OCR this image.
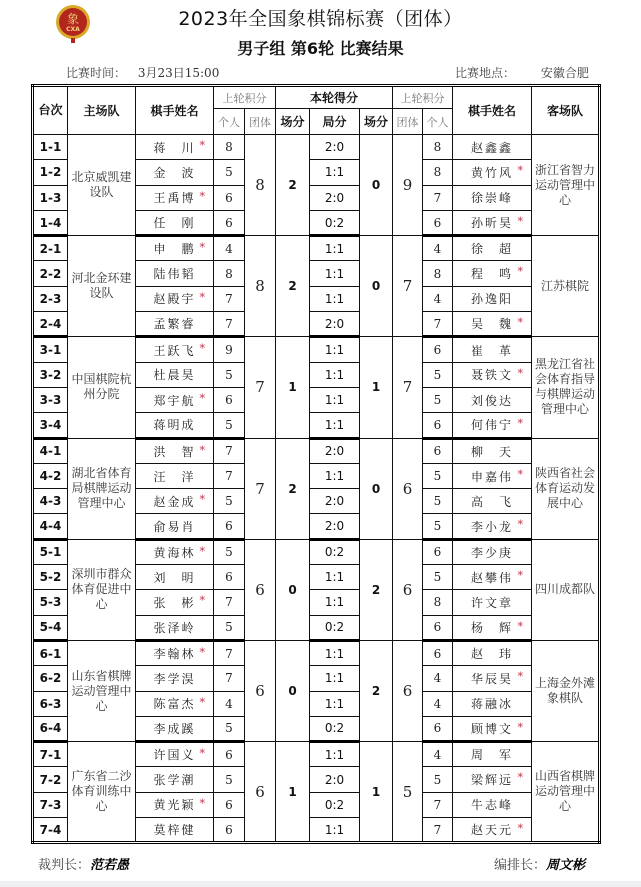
象
CXA	2023年全国象棋锦标赛（团体）
男子组 第6轮 比赛结果
比赛时间： 3月23日15:00	比赛地点： 安徽合肥
台次	主场队	棋手姓名	上轮积分		本轮得分			上轮积分		棋手姓名	客场队
			个人	团体	场分	局分	场分	团体	个人		
1-1	北京威凯建设队	蒋　川 *	8	8	2	2:0	0	9	8	赵鑫鑫	浙江省智力运动管理中心
1-2		金　波	5			1:1			8	黄竹风 *	

1-3		王禹博 *	6			2:0			7	徐崇峰	
1-4		任　刚	6			0:2			6	孙昕昊 *	

2-1	河北金环建设队	申　鹏 *	4	8	2	1:1	0	7	4	徐　超	江苏棋院
2-2		陆伟韬	8			1:1			8	程　鸣 *	

2-3		赵殿宇 *	7			1:1			4	孙逸阳	
2-4		孟繁睿	7			2:0			7	吴　魏 *	

3-1	中国棋院杭州分院	王跃飞 *	9	7	1	1:1	1	7	6	崔　革	黑龙江省社会体育指导与棋牌运动管理中心
3-2		杜晨昊	5			1:1			5	聂铁文 *	

3-3		郑宇航 *	6			1:1			5	刘俊达	
3-4		蒋明成	5			1:1			6	何伟宁 *	

4-1	湖北省体育局棋牌运动管理中心	洪　智 *	7	7	2	2:0	0	6	6	柳　天	陕西省社会体育运动发展中心
4-2		汪　洋	7			1:1			5	申嘉伟 *	

4-3		赵金成 *	5			2:0			5	高　飞	
4-4		俞易肖	6			2:0			5	李小龙 *	

5-1	深圳市群众体育促进中心	黄海林 *	5	6	0	0:2	2	6	6	李少庚	四川成都队
5-2		刘　明	6			1:1			5	赵攀伟 *	

5-3		张　彬 *	7			1:1			8	许文章	
5-4		张泽岭	5			0:2			6	杨　辉 *	

6-1	山东省棋牌运动管理中心	李翰林 *	7	6	0	1:1	2	6	6	赵　玮	上海金外滩象棋队
6-2		李学淏	7			1:1			4	华辰昊 *	

6-3		陈富杰 *	4			1:1			4	蒋融冰	
6-4		李成蹊	5			0:2			6	顾博文 *	

7-1	广东省二沙体育训练中心	许国义 *	6	6	1	1:1	1	5	4	周　军	山西省棋牌运动管理中心
7-2		张学潮	5			2:0			5	梁辉远 *	

7-3		黄光颖 *	6			0:2			7	牛志峰	
7-4		莫梓健	6			1:1			7	赵天元 *	
裁判长：范若愚	编排长：周文彬
